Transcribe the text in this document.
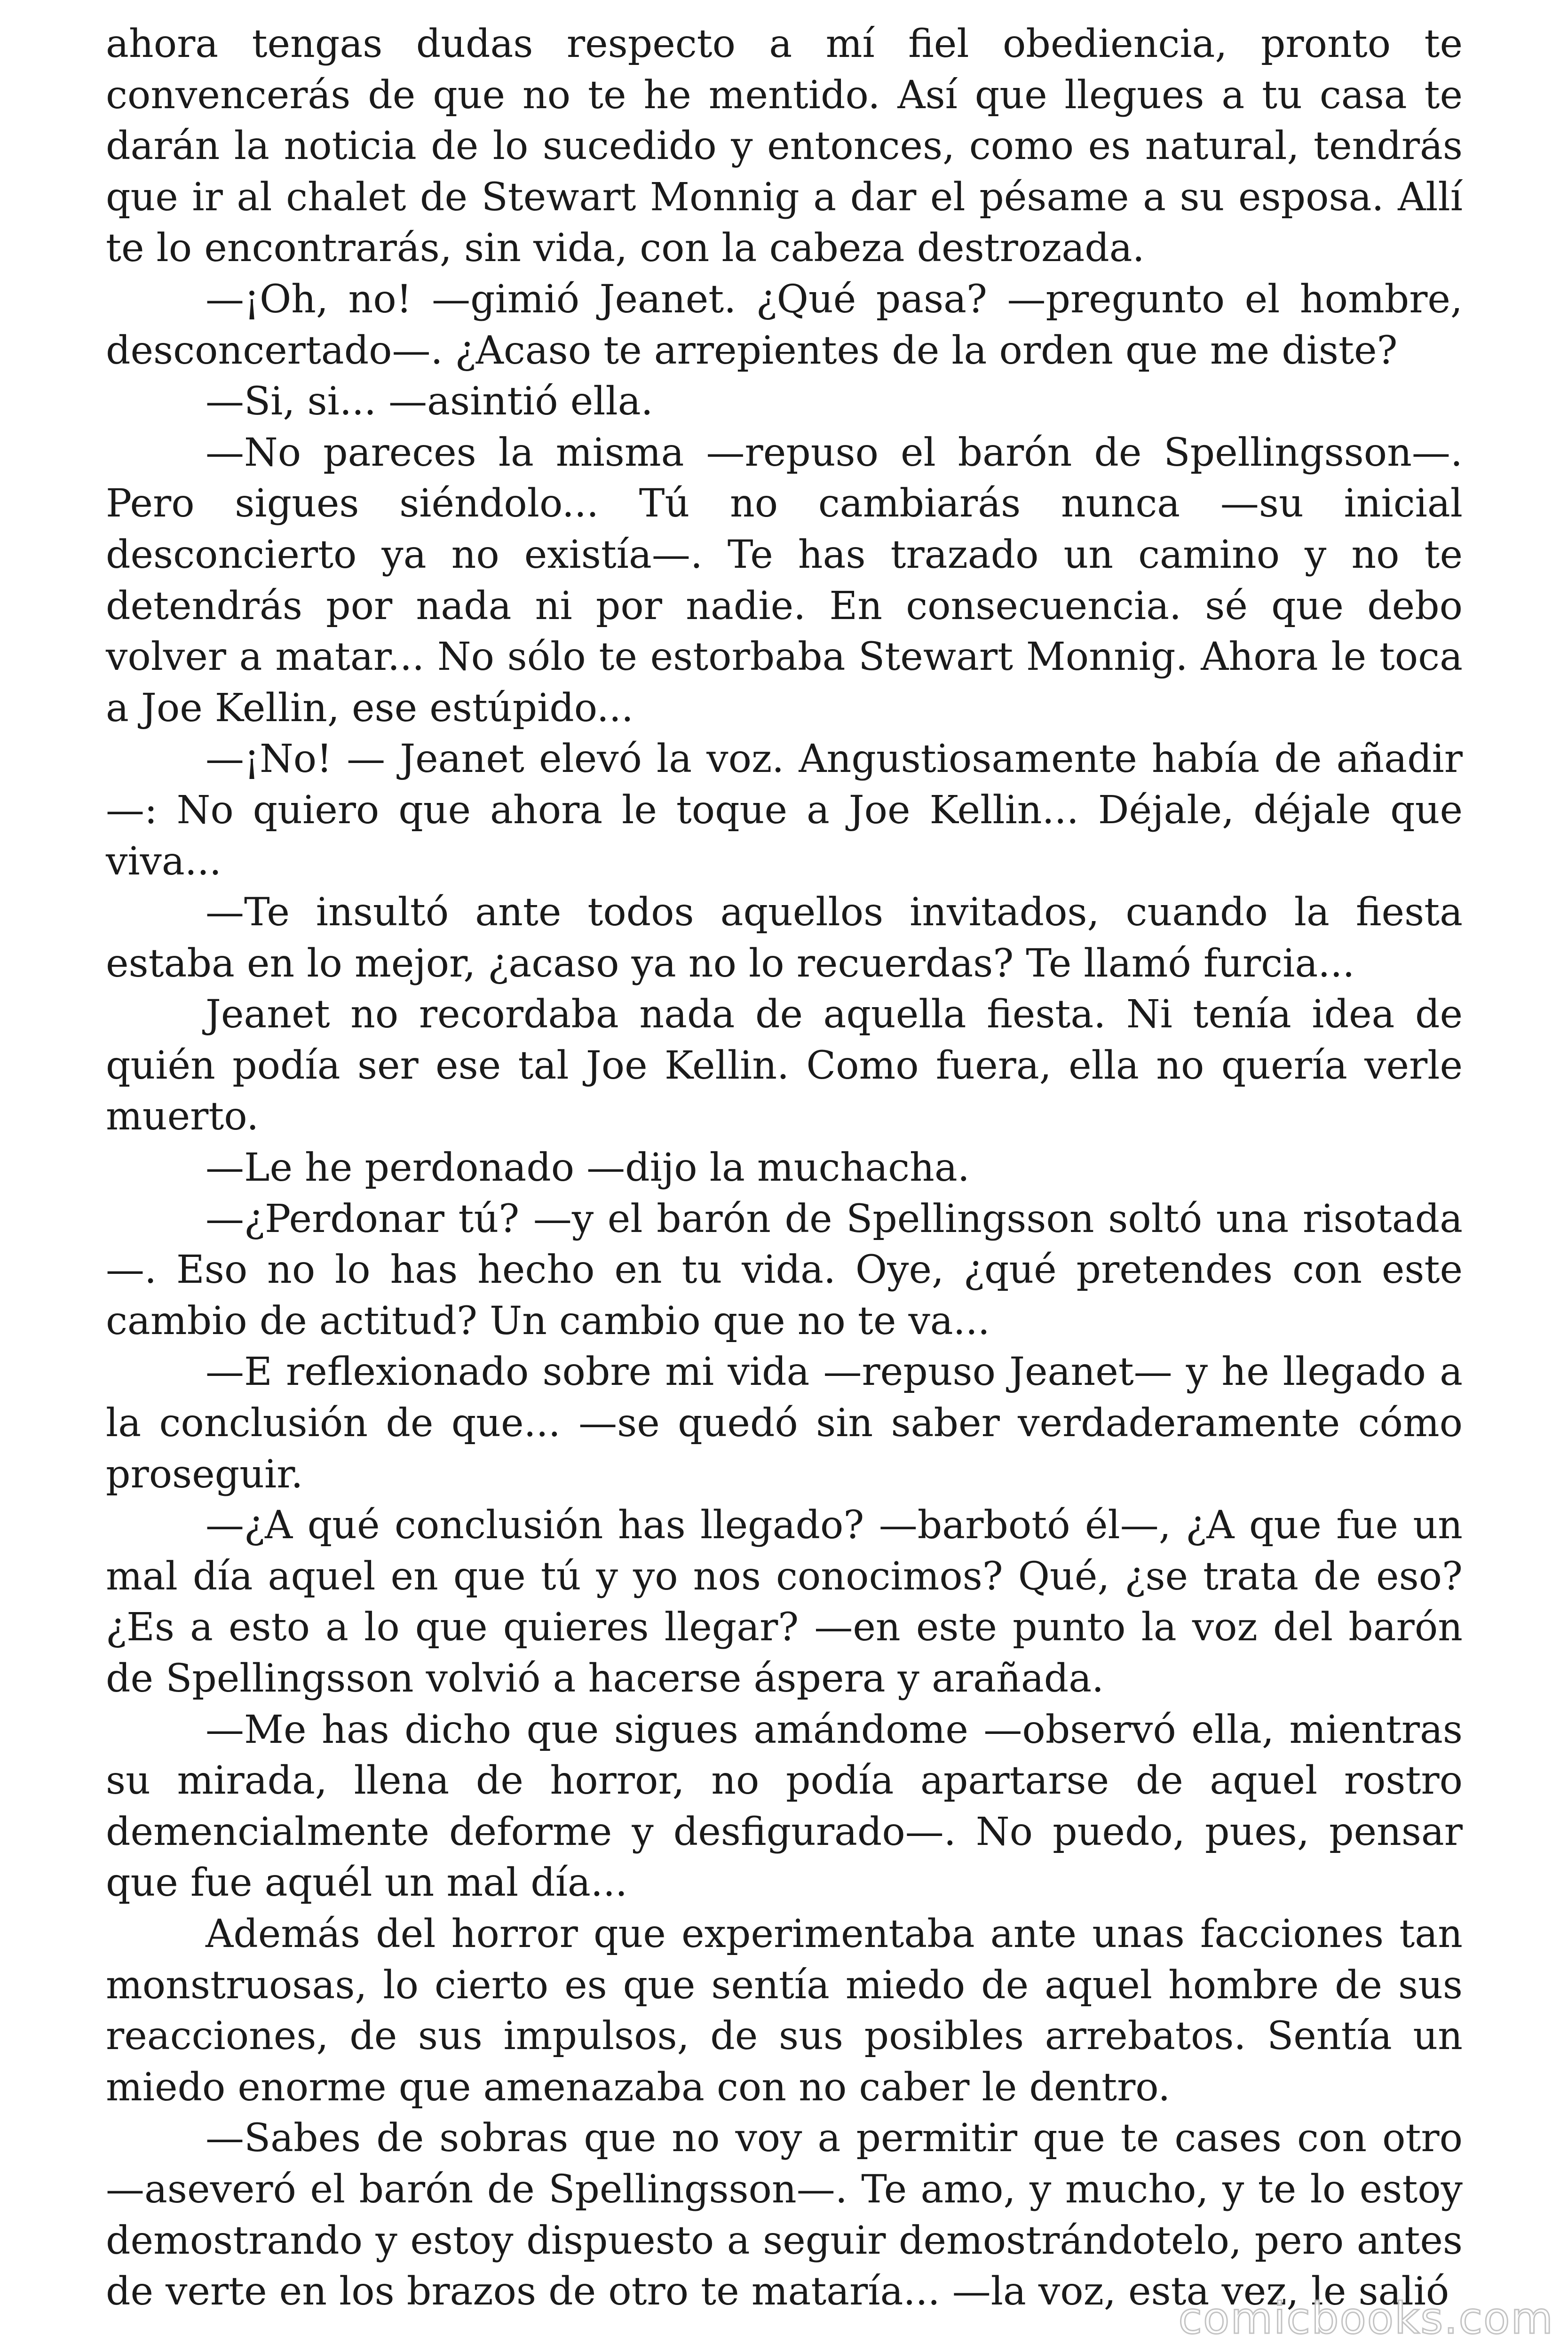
ahora tengas dudas respecto a mí fiel obediencia, pronto te convencerás de que no te he mentido. Así que llegues a tu casa te darán la noticia de lo sucedido y entonces, como es natural, tendrás que ir al chalet de Stewart Monnig a dar el pésame a su esposa. Allí te lo encontrarás, sin vida, con la cabeza destrozada.

—¡Oh, no! —gimió Jeanet. ¿Qué pasa? —pregunto el hombre, desconcertado—. ¿Acaso te arrepientes de la orden que me diste?

—Si, si... —asintió ella.

—No pareces la misma —repuso el barón de Spellingsson—. Pero sigues siéndolo... Tú no cambiarás nunca —su inicial desconcierto ya no existía—. Te has trazado un camino y no te detendrás por nada ni por nadie. En consecuencia. sé que debo volver a matar... No sólo te estorbaba Stewart Monnig. Ahora le toca a Joe Kellin, ese estúpido...

—¡No! — Jeanet elevó la voz. Angustiosamente había de añadir —: No quiero que ahora le toque a Joe Kellin... Déjale, déjale que viva...

—Te insultó ante todos aquellos invitados, cuando la fiesta estaba en lo mejor, ¿acaso ya no lo recuerdas? Te llamó furcia...

Jeanet no recordaba nada de aquella fiesta. Ni tenía idea de quién podía ser ese tal Joe Kellin. Como fuera, ella no quería verle muerto.

—Le he perdonado —dijo la muchacha.

—¿Perdonar tú? —y el barón de Spellingsson soltó una risotada —. Eso no lo has hecho en tu vida. Oye, ¿qué pretendes con este cambio de actitud? Un cambio que no te va...

—E reflexionado sobre mi vida —repuso Jeanet— y he llegado a la conclusión de que... —se quedó sin saber verdaderamente cómo proseguir.

—¿A qué conclusión has llegado? —barbotó él—, ¿A que fue un mal día aquel en que tú y yo nos conocimos? Qué, ¿se trata de eso? ¿Es a esto a lo que quieres llegar? —en este punto la voz del barón de Spellingsson volvió a hacerse áspera y arañada.

—Me has dicho que sigues amándome —observó ella, mientras su mirada, llena de horror, no podía apartarse de aquel rostro demencialmente deforme y desfigurado—. No puedo, pues, pensar que fue aquél un mal día...

Además del horror que experimentaba ante unas facciones tan monstruosas, lo cierto es que sentía miedo de aquel hombre de sus reacciones, de sus impulsos, de sus posibles arrebatos. Sentía un miedo enorme que amenazaba con no caber le dentro.

—Sabes de sobras que no voy a permitir que te cases con otro —aseveró el barón de Spellingsson—. Te amo, y mucho, y te lo estoy demostrando y estoy dispuesto a seguir demostrándotelo, pero antes de verte en los brazos de otro te mataría... —la voz, esta vez, le salió

comicbooks.com
